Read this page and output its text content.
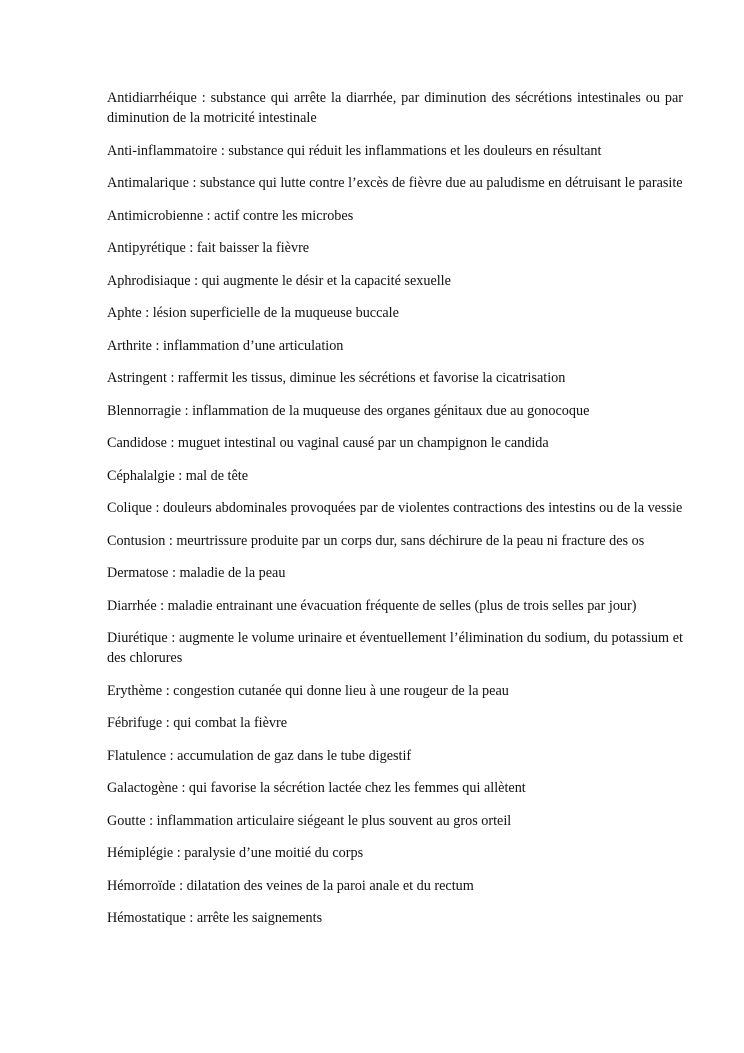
Antidiarrhéique : substance qui arrête la diarrhée, par diminution des sécrétions intestinales ou par diminution de la motricité intestinale

Anti-inflammatoire : substance qui réduit les inflammations et les douleurs en résultant

Antimalarique : substance qui lutte contre l’excès de fièvre due au paludisme en détruisant le parasite

Antimicrobienne : actif contre les microbes

Antipyrétique : fait baisser la fièvre

Aphrodisiaque : qui augmente le désir et la capacité sexuelle

Aphte : lésion superficielle de la muqueuse buccale

Arthrite : inflammation d’une articulation

Astringent : raffermit les tissus, diminue les sécrétions et favorise la cicatrisation

Blennorragie : inflammation de la muqueuse des organes génitaux due au gonocoque

Candidose : muguet intestinal ou vaginal causé par un champignon le candida

Céphalalgie : mal de tête

Colique : douleurs abdominales provoquées par de violentes contractions des intestins ou de la vessie

Contusion : meurtrissure produite par un corps dur, sans déchirure de la peau ni fracture des os

Dermatose : maladie de la peau

Diarrhée : maladie entrainant une évacuation fréquente de selles (plus de trois selles par jour)

Diurétique : augmente le volume urinaire et éventuellement l’élimination du sodium, du potassium et des chlorures

Erythème : congestion cutanée qui donne lieu à une rougeur de la peau

Fébrifuge : qui combat la fièvre

Flatulence : accumulation de gaz dans le tube digestif

Galactogène : qui favorise la sécrétion lactée chez les femmes qui allètent

Goutte : inflammation articulaire siégeant le plus souvent au gros orteil

Hémiplégie : paralysie d’une moitié du corps

Hémorroïde : dilatation des veines de la paroi anale et du rectum

Hémostatique : arrête les saignements
